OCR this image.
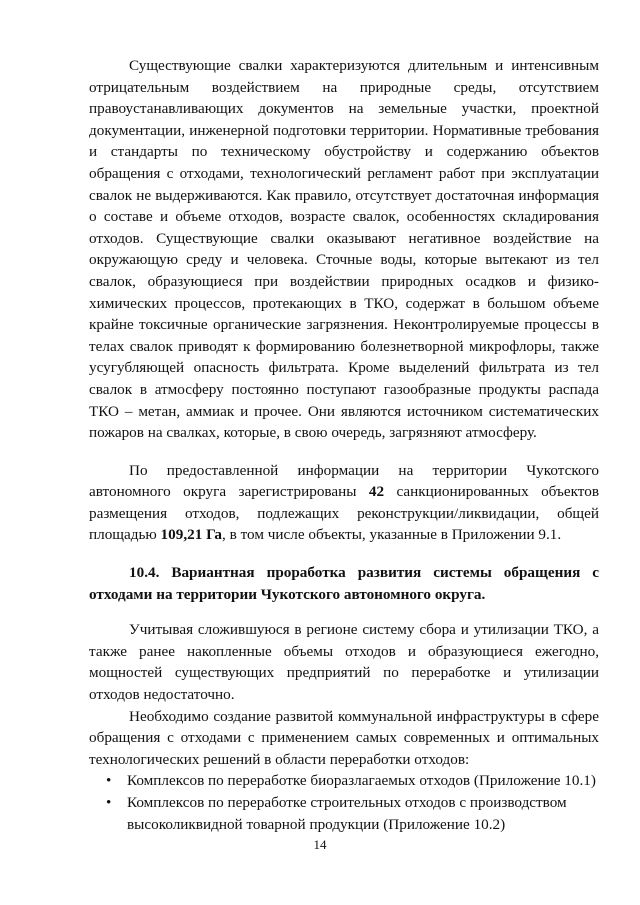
Существующие свалки характеризуются длительным и интенсивным отрицательным воздействием на природные среды, отсутствием правоустанавливающих документов на земельные участки, проектной документации, инженерной подготовки территории. Нормативные требования и стандарты по техническому обустройству и содержанию объектов обращения с отходами, технологический регламент работ при эксплуатации свалок не выдерживаются. Как правило, отсутствует достаточная информация о составе и объеме отходов, возрасте свалок, особенностях складирования отходов. Существующие свалки оказывают негативное воздействие на окружающую среду и человека. Сточные воды, которые вытекают из тел свалок, образующиеся при воздействии природных осадков и физико-химических процессов, протекающих в ТКО, содержат в большом объеме крайне токсичные органические загрязнения. Неконтролируемые процессы в телах свалок приводят к формированию болезнетворной микрофлоры, также усугубляющей опасность фильтрата. Кроме выделений фильтрата из тел свалок в атмосферу постоянно поступают газообразные продукты распада ТКО – метан, аммиак и прочее. Они являются источником систематических пожаров на свалках, которые, в свою очередь, загрязняют атмосферу.

По предоставленной информации на территории Чукотского автономного округа зарегистрированы 42 санкционированных объектов размещения отходов, подлежащих реконструкции/ликвидации, общей площадью 109,21 Га, в том числе объекты, указанные в Приложении 9.1.

10.4. Вариантная проработка развития системы обращения с отходами на территории Чукотского автономного округа.

Учитывая сложившуюся в регионе систему сбора и утилизации ТКО, а также ранее накопленные объемы отходов и образующиеся ежегодно, мощностей существующих предприятий по переработке и утилизации отходов недостаточно.

Необходимо создание развитой коммунальной инфраструктуры в сфере обращения с отходами с применением самых современных и оптимальных технологических решений в области переработки отходов:

• Комплексов по переработке биоразлагаемых отходов (Приложение 10.1)
• Комплексов по переработке строительных отходов с производством высоколиквидной товарной продукции (Приложение 10.2)
14
